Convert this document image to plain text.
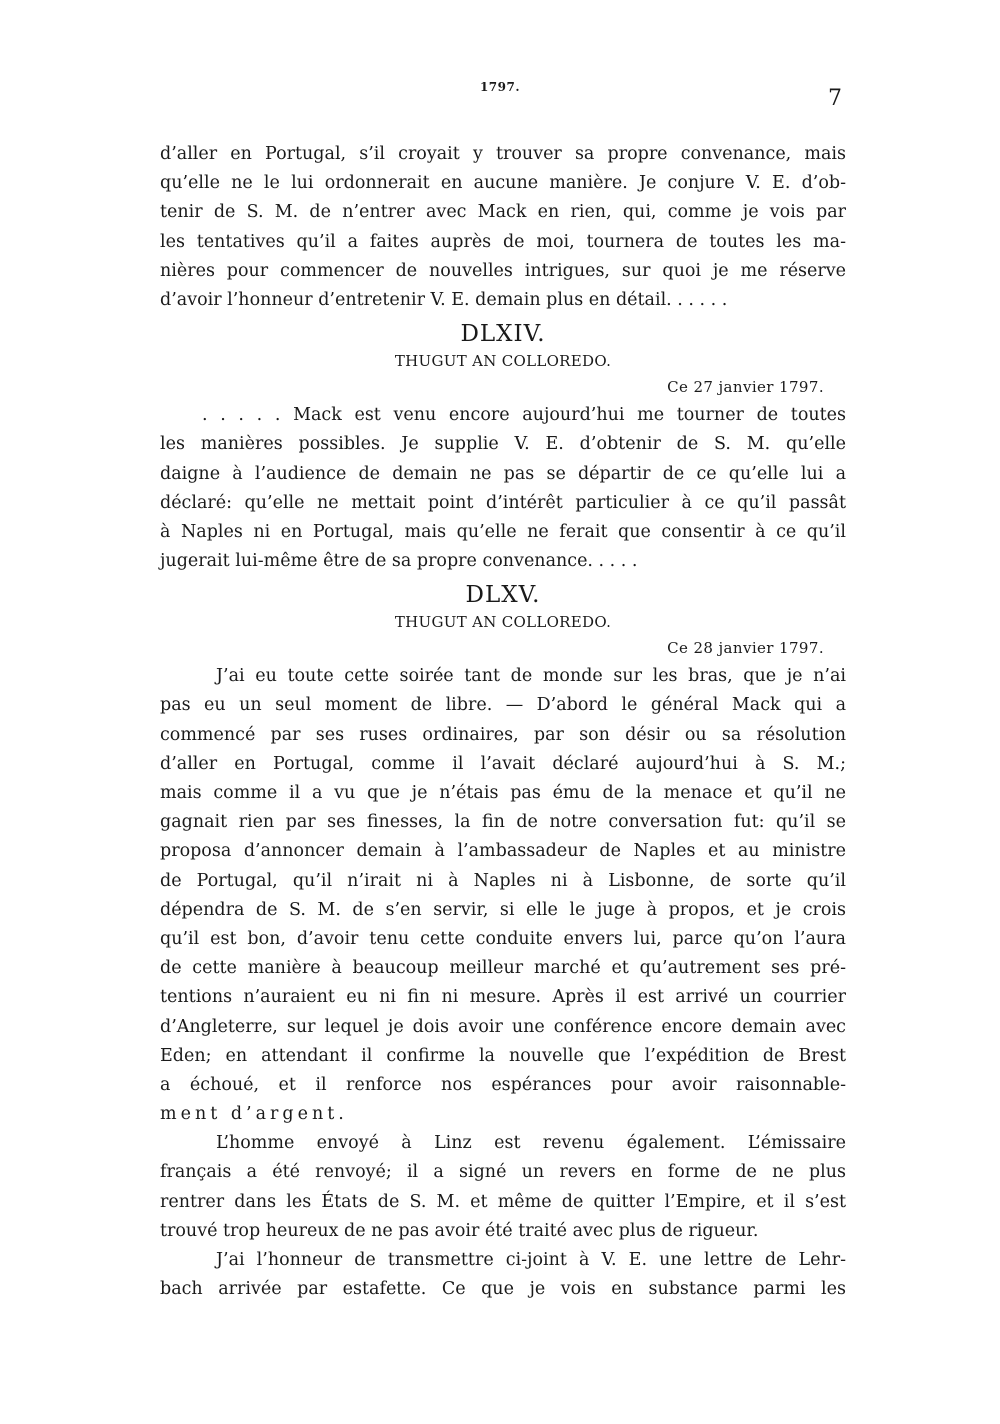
1797.	7
d’aller en Portugal, s’il croyait y trouver sa propre convenance, mais
qu’elle ne le lui ordonnerait en aucune manière. Je conjure V. E. d’ob-
tenir de S. M. de n’entrer avec Mack en rien, qui, comme je vois par
les tentatives qu’il a faites auprès de moi, tournera de toutes les ma-
nières pour commencer de nouvelles intrigues, sur quoi je me réserve
d’avoir l’honneur d’entretenir V. E. demain plus en détail. . . . . .
DLXIV.
THUGUT AN COLLOREDO.
Ce 27 janvier 1797.
. . . . . Mack est venu encore aujourd’hui me tourner de toutes
les manières possibles. Je supplie V. E. d’obtenir de S. M. qu’elle
daigne à l’audience de demain ne pas se départir de ce qu’elle lui a
déclaré: qu’elle ne mettait point d’intérêt particulier à ce qu’il passât
à Naples ni en Portugal, mais qu’elle ne ferait que consentir à ce qu’il
jugerait lui-même être de sa propre convenance. . . . .
DLXV.
THUGUT AN COLLOREDO.
Ce 28 janvier 1797.
J’ai eu toute cette soirée tant de monde sur les bras, que je n’ai
pas eu un seul moment de libre. — D’abord le général Mack qui a
commencé par ses ruses ordinaires, par son désir ou sa résolution
d’aller en Portugal, comme il l’avait déclaré aujourd’hui à S. M.;
mais comme il a vu que je n’étais pas ému de la menace et qu’il ne
gagnait rien par ses finesses, la fin de notre conversation fut: qu’il se
proposa d’annoncer demain à l’ambassadeur de Naples et au ministre
de Portugal, qu’il n’irait ni à Naples ni à Lisbonne, de sorte qu’il
dépendra de S. M. de s’en servir, si elle le juge à propos, et je crois
qu’il est bon, d’avoir tenu cette conduite envers lui, parce qu’on l’aura
de cette manière à beaucoup meilleur marché et qu’autrement ses pré-
tentions n’auraient eu ni fin ni mesure. Après il est arrivé un courrier
d’Angleterre, sur lequel je dois avoir une conférence encore demain avec
Eden; en attendant il confirme la nouvelle que l’expédition de Brest
a échoué, et il renforce nos espérances pour avoir raisonnable-
ment d’argent.
L’homme envoyé à Linz est revenu également. L’émissaire
français a été renvoyé; il a signé un revers en forme de ne plus
rentrer dans les États de S. M. et même de quitter l’Empire, et il s’est
trouvé trop heureux de ne pas avoir été traité avec plus de rigueur.
J’ai l’honneur de transmettre ci-joint à V. E. une lettre de Lehr-
bach arrivée par estafette. Ce que je vois en substance parmi les
